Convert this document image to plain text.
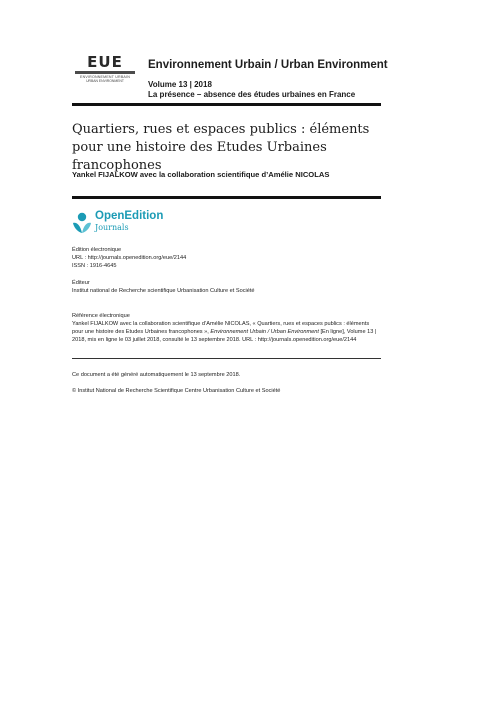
EUE
ENVIRONNEMENT URBAIN
URBAN ENVIRONMENT
Environnement Urbain / Urban Environment
Volume 13 | 2018
La présence – absence des études urbaines en France
Quartiers, rues et espaces publics : éléments pour une histoire des Etudes Urbaines francophones
Yankel FIJALKOW avec la collaboration scientifique d’Amélie NICOLAS
OpenEdition
Journals
Édition électronique
URL : http://journals.openedition.org/eue/2144
ISSN : 1916-4645
Éditeur
Institut national de Recherche scientifique Urbanisation Culture et Société
Référence électronique
Yankel FIJALKOW avec la collaboration scientifique d’Amélie NICOLAS, « Quartiers, rues et espaces publics : éléments pour une histoire des Etudes Urbaines francophones », Environnement Urbain / Urban Environment [En ligne], Volume 13 | 2018, mis en ligne le 03 juillet 2018, consulté le 13 septembre 2018. URL : http://journals.openedition.org/eue/2144
Ce document a été généré automatiquement le 13 septembre 2018.
© Institut National de Recherche Scientifique Centre Urbanisation Culture et Société
